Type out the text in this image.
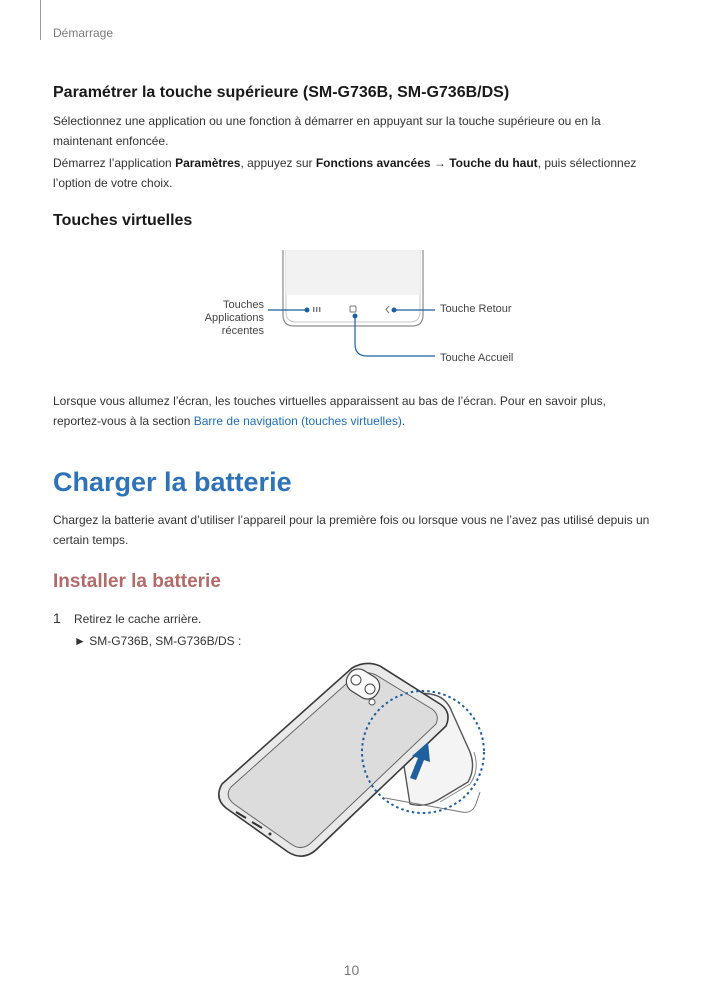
Démarrage
Paramétrer la touche supérieure (SM-G736B, SM-G736B/DS)
Sélectionnez une application ou une fonction à démarrer en appuyant sur la touche supérieure ou en la maintenant enfoncée.
Démarrez l’application Paramètres, appuyez sur Fonctions avancées → Touche du haut, puis sélectionnez l’option de votre choix.
Touches virtuelles
Touches
Applications
récentes
Touche Retour
Touche Accueil
Lorsque vous allumez l’écran, les touches virtuelles apparaissent au bas de l’écran. Pour en savoir plus, reportez-vous à la section Barre de navigation (touches virtuelles).
Charger la batterie
Chargez la batterie avant d’utiliser l’appareil pour la première fois ou lorsque vous ne l’avez pas utilisé depuis un certain temps.
Installer la batterie
1 Retirez le cache arrière.
► SM-G736B, SM-G736B/DS :
10
